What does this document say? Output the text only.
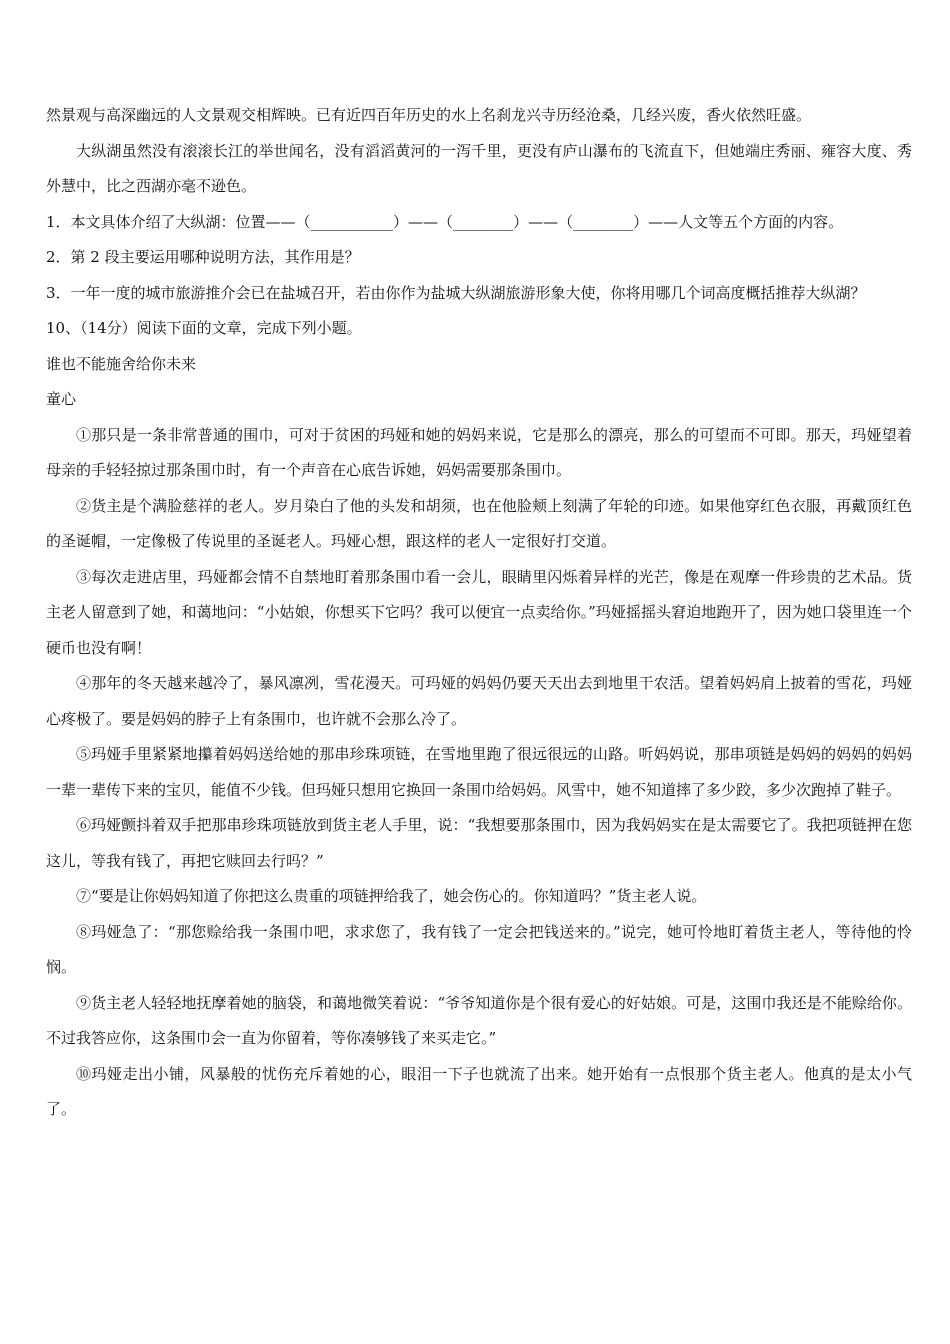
然景观与高深幽远的人文景观交相辉映。已有近四百年历史的水上名刹龙兴寺历经沧桑，几经兴废，香火依然旺盛。

大纵湖虽然没有滚滚长江的举世闻名，没有滔滔黄河的一泻千里，更没有庐山瀑布的飞流直下，但她端庄秀丽、雍容大度、秀外慧中，比之西湖亦毫不逊色。

1．本文具体介绍了大纵湖：位置——（___________）——（________）——（________）——人文等五个方面的内容。

2．第 2 段主要运用哪种说明方法，其作用是？

3．一年一度的城市旅游推介会已在盐城召开，若由你作为盐城大纵湖旅游形象大使，你将用哪几个词高度概括推荐大纵湖？

10、（14分）阅读下面的文章，完成下列小题。

谁也不能施舍给你未来

童心

①那只是一条非常普通的围巾，可对于贫困的玛娅和她的妈妈来说，它是那么的漂亮，那么的可望而不可即。那天，玛娅望着母亲的手轻轻掠过那条围巾时，有一个声音在心底告诉她，妈妈需要那条围巾。

②货主是个满脸慈祥的老人。岁月染白了他的头发和胡须，也在他脸颊上刻满了年轮的印迹。如果他穿红色衣服，再戴顶红色的圣诞帽，一定像极了传说里的圣诞老人。玛娅心想，跟这样的老人一定很好打交道。

③每次走进店里，玛娅都会情不自禁地盯着那条围巾看一会儿，眼睛里闪烁着异样的光芒，像是在观摩一件珍贵的艺术品。货主老人留意到了她，和蔼地问：“小姑娘，你想买下它吗？我可以便宜一点卖给你。”玛娅摇摇头窘迫地跑开了，因为她口袋里连一个硬币也没有啊！

④那年的冬天越来越冷了，暴风凛冽，雪花漫天。可玛娅的妈妈仍要天天出去到地里干农活。望着妈妈肩上披着的雪花，玛娅心疼极了。要是妈妈的脖子上有条围巾，也许就不会那么冷了。

⑤玛娅手里紧紧地攥着妈妈送给她的那串珍珠项链，在雪地里跑了很远很远的山路。听妈妈说，那串项链是妈妈的妈妈的妈妈一辈一辈传下来的宝贝，能值不少钱。但玛娅只想用它换回一条围巾给妈妈。风雪中，她不知道摔了多少跤，多少次跑掉了鞋子。

⑥玛娅颤抖着双手把那串珍珠项链放到货主老人手里，说：“我想要那条围巾，因为我妈妈实在是太需要它了。我把项链押在您这儿，等我有钱了，再把它赎回去行吗？”

⑦“要是让你妈妈知道了你把这么贵重的项链押给我了，她会伤心的。你知道吗？”货主老人说。

⑧玛娅急了：“那您赊给我一条围巾吧，求求您了，我有钱了一定会把钱送来的。”说完，她可怜地盯着货主老人，等待他的怜悯。

⑨货主老人轻轻地抚摩着她的脑袋，和蔼地微笑着说：“爷爷知道你是个很有爱心的好姑娘。可是，这围巾我还是不能赊给你。不过我答应你，这条围巾会一直为你留着，等你凑够钱了来买走它。”

⑩玛娅走出小铺，风暴般的忧伤充斥着她的心，眼泪一下子也就流了出来。她开始有一点恨那个货主老人。他真的是太小气了。
